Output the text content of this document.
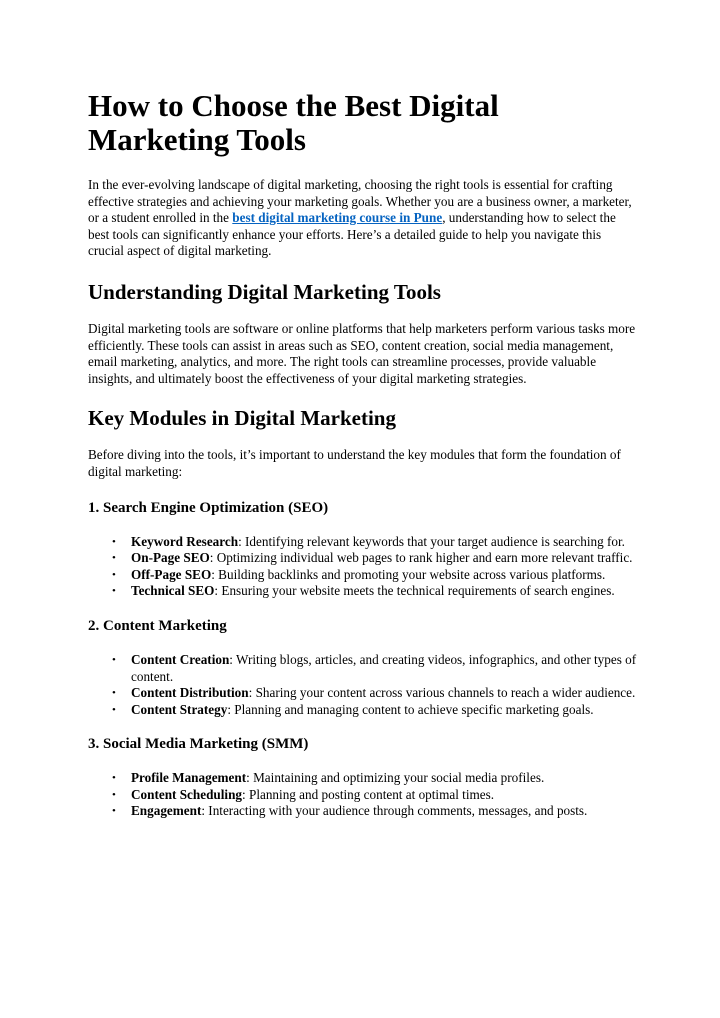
How to Choose the Best Digital Marketing Tools

In the ever-evolving landscape of digital marketing, choosing the right tools is essential for crafting effective strategies and achieving your marketing goals. Whether you are a business owner, a marketer, or a student enrolled in the best digital marketing course in Pune, understanding how to select the best tools can significantly enhance your efforts. Here’s a detailed guide to help you navigate this crucial aspect of digital marketing.

Understanding Digital Marketing Tools

Digital marketing tools are software or online platforms that help marketers perform various tasks more efficiently. These tools can assist in areas such as SEO, content creation, social media management, email marketing, analytics, and more. The right tools can streamline processes, provide valuable insights, and ultimately boost the effectiveness of your digital marketing strategies.

Key Modules in Digital Marketing

Before diving into the tools, it’s important to understand the key modules that form the foundation of digital marketing:

1. Search Engine Optimization (SEO)
• Keyword Research: Identifying relevant keywords that your target audience is searching for.
• On-Page SEO: Optimizing individual web pages to rank higher and earn more relevant traffic.
• Off-Page SEO: Building backlinks and promoting your website across various platforms.
• Technical SEO: Ensuring your website meets the technical requirements of search engines.
2. Content Marketing
• Content Creation: Writing blogs, articles, and creating videos, infographics, and other types of content.
• Content Distribution: Sharing your content across various channels to reach a wider audience.
• Content Strategy: Planning and managing content to achieve specific marketing goals.
3. Social Media Marketing (SMM)
• Profile Management: Maintaining and optimizing your social media profiles.
• Content Scheduling: Planning and posting content at optimal times.
• Engagement: Interacting with your audience through comments, messages, and posts.
